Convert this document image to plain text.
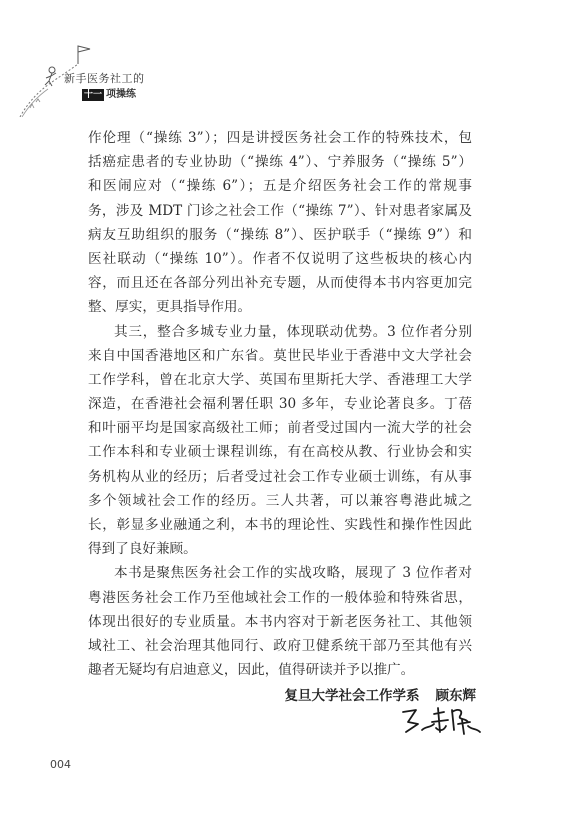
新手医务社工的
十一 项操练
作伦理（“操练 3”）；四是讲授医务社会工作的特殊技术，包
括癌症患者的专业协助（“操练 4”）、宁养服务（“操练 5”）
和医闹应对（“操练 6”）；五是介绍医务社会工作的常规事
务，涉及 MDT 门诊之社会工作（“操练 7”）、针对患者家属及
病友互助组织的服务（“操练 8”）、医护联手（“操练 9”）和
医社联动（“操练 10”）。作者不仅说明了这些板块的核心内
容，而且还在各部分列出补充专题，从而使得本书内容更加完
整、厚实，更具指导作用。
其三，整合多城专业力量，体现联动优势。3 位作者分别
来自中国香港地区和广东省。莫世民毕业于香港中文大学社会
工作学科，曾在北京大学、英国布里斯托大学、香港理工大学
深造，在香港社会福利署任职 30 多年，专业论著良多。丁蓓
和叶丽平均是国家高级社工师；前者受过国内一流大学的社会
工作本科和专业硕士课程训练，有在高校从教、行业协会和实
务机构从业的经历；后者受过社会工作专业硕士训练，有从事
多个领域社会工作的经历。三人共著，可以兼容粤港此城之
长，彰显多业融通之利，本书的理论性、实践性和操作性因此
得到了良好兼顾。
本书是聚焦医务社会工作的实战攻略，展现了 3 位作者对
粤港医务社会工作乃至他域社会工作的一般体验和特殊省思，
体现出很好的专业质量。本书内容对于新老医务社工、其他领
域社工、社会治理其他同行、政府卫健系统干部乃至其他有兴
趣者无疑均有启迪意义，因此，值得研读并予以推广。
复旦大学社会工作学系 顾东辉
004
